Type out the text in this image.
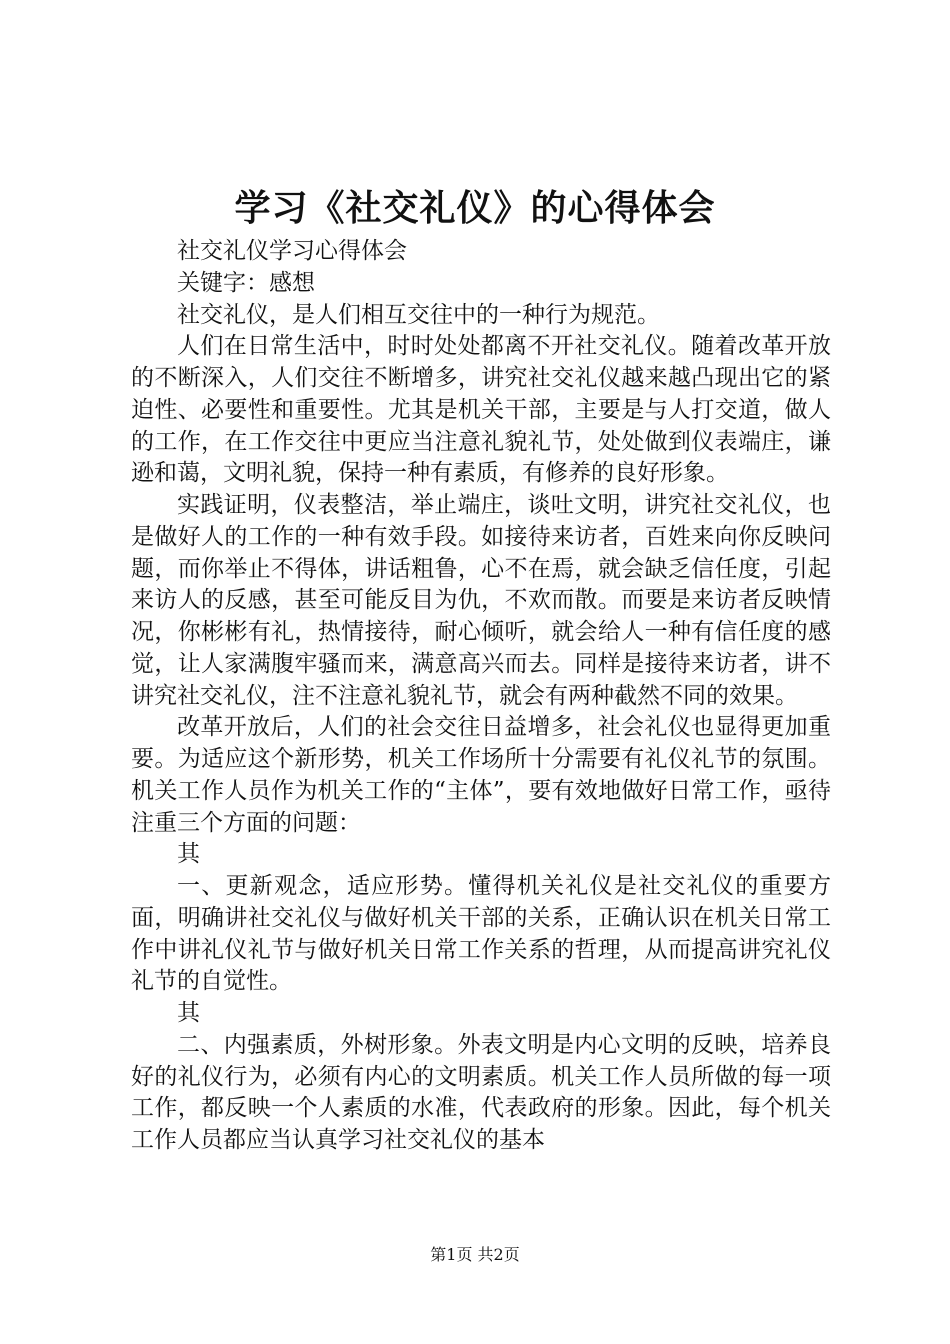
学习《社交礼仪》的心得体会

社交礼仪学习心得体会

关键字：感想

社交礼仪，是人们相互交往中的一种行为规范。

人们在日常生活中，时时处处都离不开社交礼仪。随着改革开放的不断深入，人们交往不断增多，讲究社交礼仪越来越凸现出它的紧迫性、必要性和重要性。尤其是机关干部，主要是与人打交道，做人的工作，在工作交往中更应当注意礼貌礼节，处处做到仪表端庄，谦逊和蔼，文明礼貌，保持一种有素质，有修养的良好形象。

实践证明，仪表整洁，举止端庄，谈吐文明，讲究社交礼仪，也是做好人的工作的一种有效手段。如接待来访者，百姓来向你反映问题，而你举止不得体，讲话粗鲁，心不在焉，就会缺乏信任度，引起来访人的反感，甚至可能反目为仇，不欢而散。而要是来访者反映情况，你彬彬有礼，热情接待，耐心倾听，就会给人一种有信任度的感觉，让人家满腹牢骚而来，满意高兴而去。同样是接待来访者，讲不讲究社交礼仪，注不注意礼貌礼节，就会有两种截然不同的效果。

改革开放后，人们的社会交往日益增多，社会礼仪也显得更加重要。为适应这个新形势，机关工作场所十分需要有礼仪礼节的氛围。机关工作人员作为机关工作的“主体”，要有效地做好日常工作，亟待注重三个方面的问题：

其

一、更新观念，适应形势。懂得机关礼仪是社交礼仪的重要方面，明确讲社交礼仪与做好机关干部的关系，正确认识在机关日常工作中讲礼仪礼节与做好机关日常工作关系的哲理，从而提高讲究礼仪礼节的自觉性。

其

二、内强素质，外树形象。外表文明是内心文明的反映，培养良好的礼仪行为，必须有内心的文明素质。机关工作人员所做的每一项工作，都反映一个人素质的水准，代表政府的形象。因此，每个机关工作人员都应当认真学习社交礼仪的基本

第1页 共2页
